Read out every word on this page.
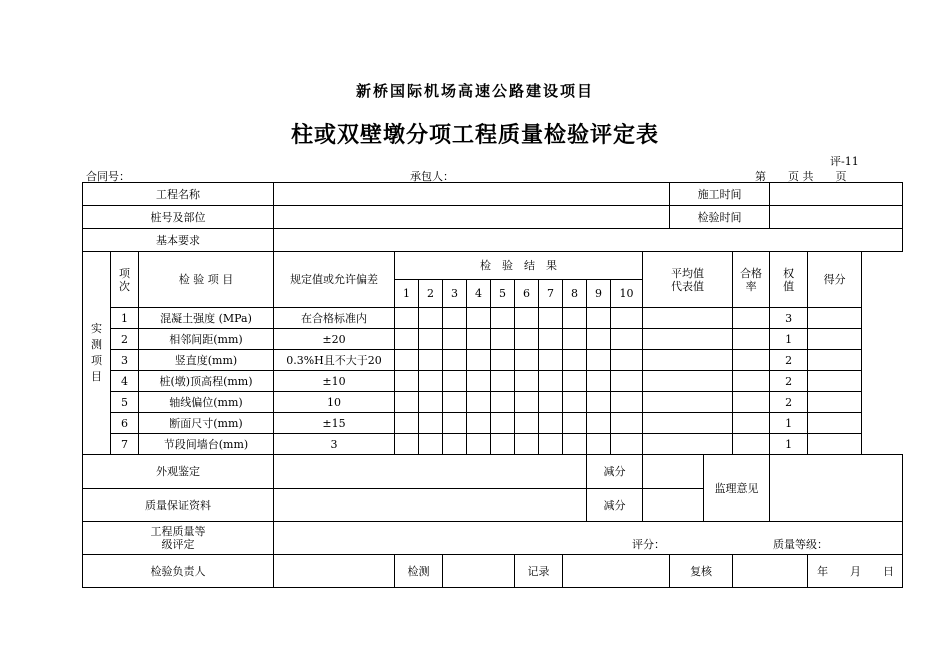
新桥国际机场高速公路建设项目
柱或双壁墩分项工程质量检验评定表
评-11
合同号：	承包人：	第　　页 共　　页
工程名称															施工时间				
桩号及部位															检验时间				
基本要求																			

实测项目	项次	检 验 项 目	规定值或允许偏差	检　验　结　果										平均值代表值			合格率	权值	得分
				1	2	3	4	5	6	7	8	9	10						
	1	混凝土强度 (MPa)	在合格标准内															3	
	2	相邻间距(mm)	±20															1	
	3	竖直度(mm)	0.3%H且不大于20															2	
	4	桩(墩)顶高程(mm)	±10															2	
	5	轴线偏位(mm)	10															2	
	6	断面尺寸(mm)	±15															1	
	7	节段间墙台(mm)	3															1	
外观鉴定												减分				监理意见			

质量保证资料												减分							

工程质量等级评定			评分： 质量等级：																

检验负责人				检测					记录						复核				年　　月　　日
